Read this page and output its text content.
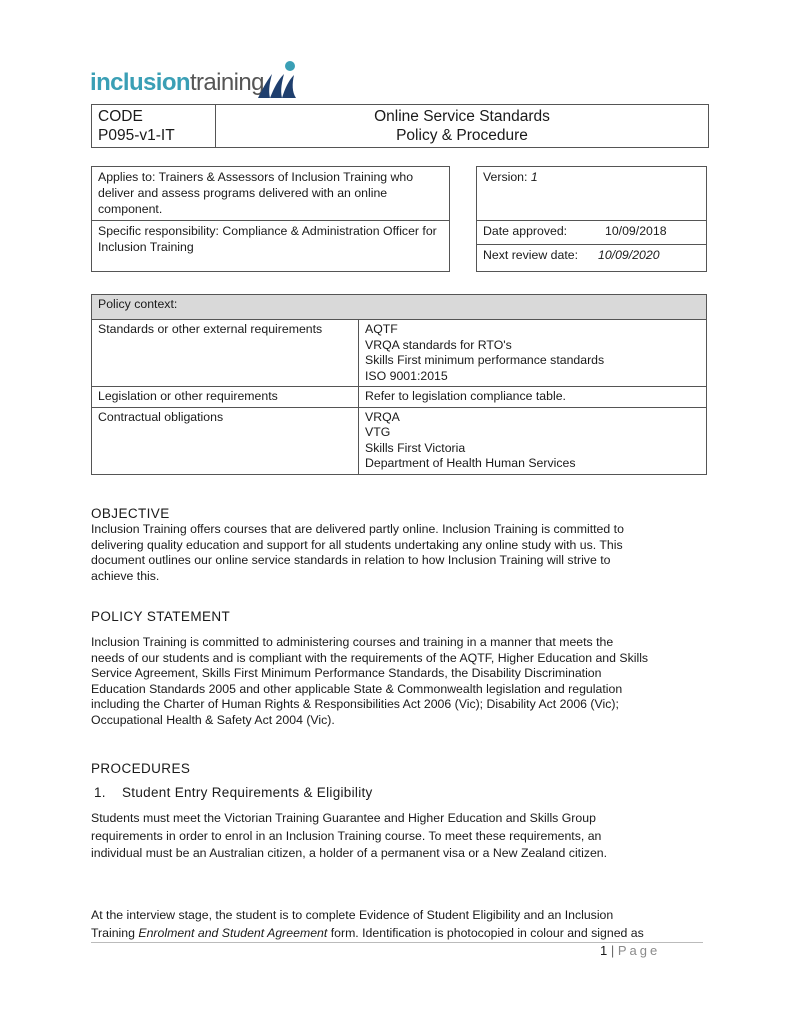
inclusiontraining
CODE
P095-v1-IT
Online Service Standards
Policy & Procedure
Applies to: Trainers & Assessors of Inclusion Training who deliver and assess programs delivered with an online component.
Specific responsibility: Compliance & Administration Officer for Inclusion Training
Version: 1
Date approved:	10/09/2018
Next review date: 10/09/2020
Policy context:	
Standards or other external requirements	AQTF
VRQA standards for RTO's
Skills First minimum performance standards
ISO 9001:2015

Legislation or other requirements	Refer to legislation compliance table.

Contractual obligations	VRQA
VTG
Skills First Victoria
Department of Health Human Services
OBJECTIVE
Inclusion Training offers courses that are delivered partly online. Inclusion Training is committed to
delivering quality education and support for all students undertaking any online study with us. This
document outlines our online service standards in relation to how Inclusion Training will strive to
achieve this.
POLICY STATEMENT
Inclusion Training is committed to administering courses and training in a manner that meets the
needs of our students and is compliant with the requirements of the AQTF, Higher Education and Skills
Service Agreement, Skills First Minimum Performance Standards, the Disability Discrimination
Education Standards 2005 and other applicable State & Commonwealth legislation and regulation
including the Charter of Human Rights & Responsibilities Act 2006 (Vic); Disability Act 2006 (Vic);
Occupational Health & Safety Act 2004 (Vic).
PROCEDURES
1. Student Entry Requirements & Eligibility
Students must meet the Victorian Training Guarantee and Higher Education and Skills Group
requirements in order to enrol in an Inclusion Training course. To meet these requirements, an
individual must be an Australian citizen, a holder of a permanent visa or a New Zealand citizen.
At the interview stage, the student is to complete Evidence of Student Eligibility and an Inclusion
Training Enrolment and Student Agreement form. Identification is photocopied in colour and signed as
1 | Page
